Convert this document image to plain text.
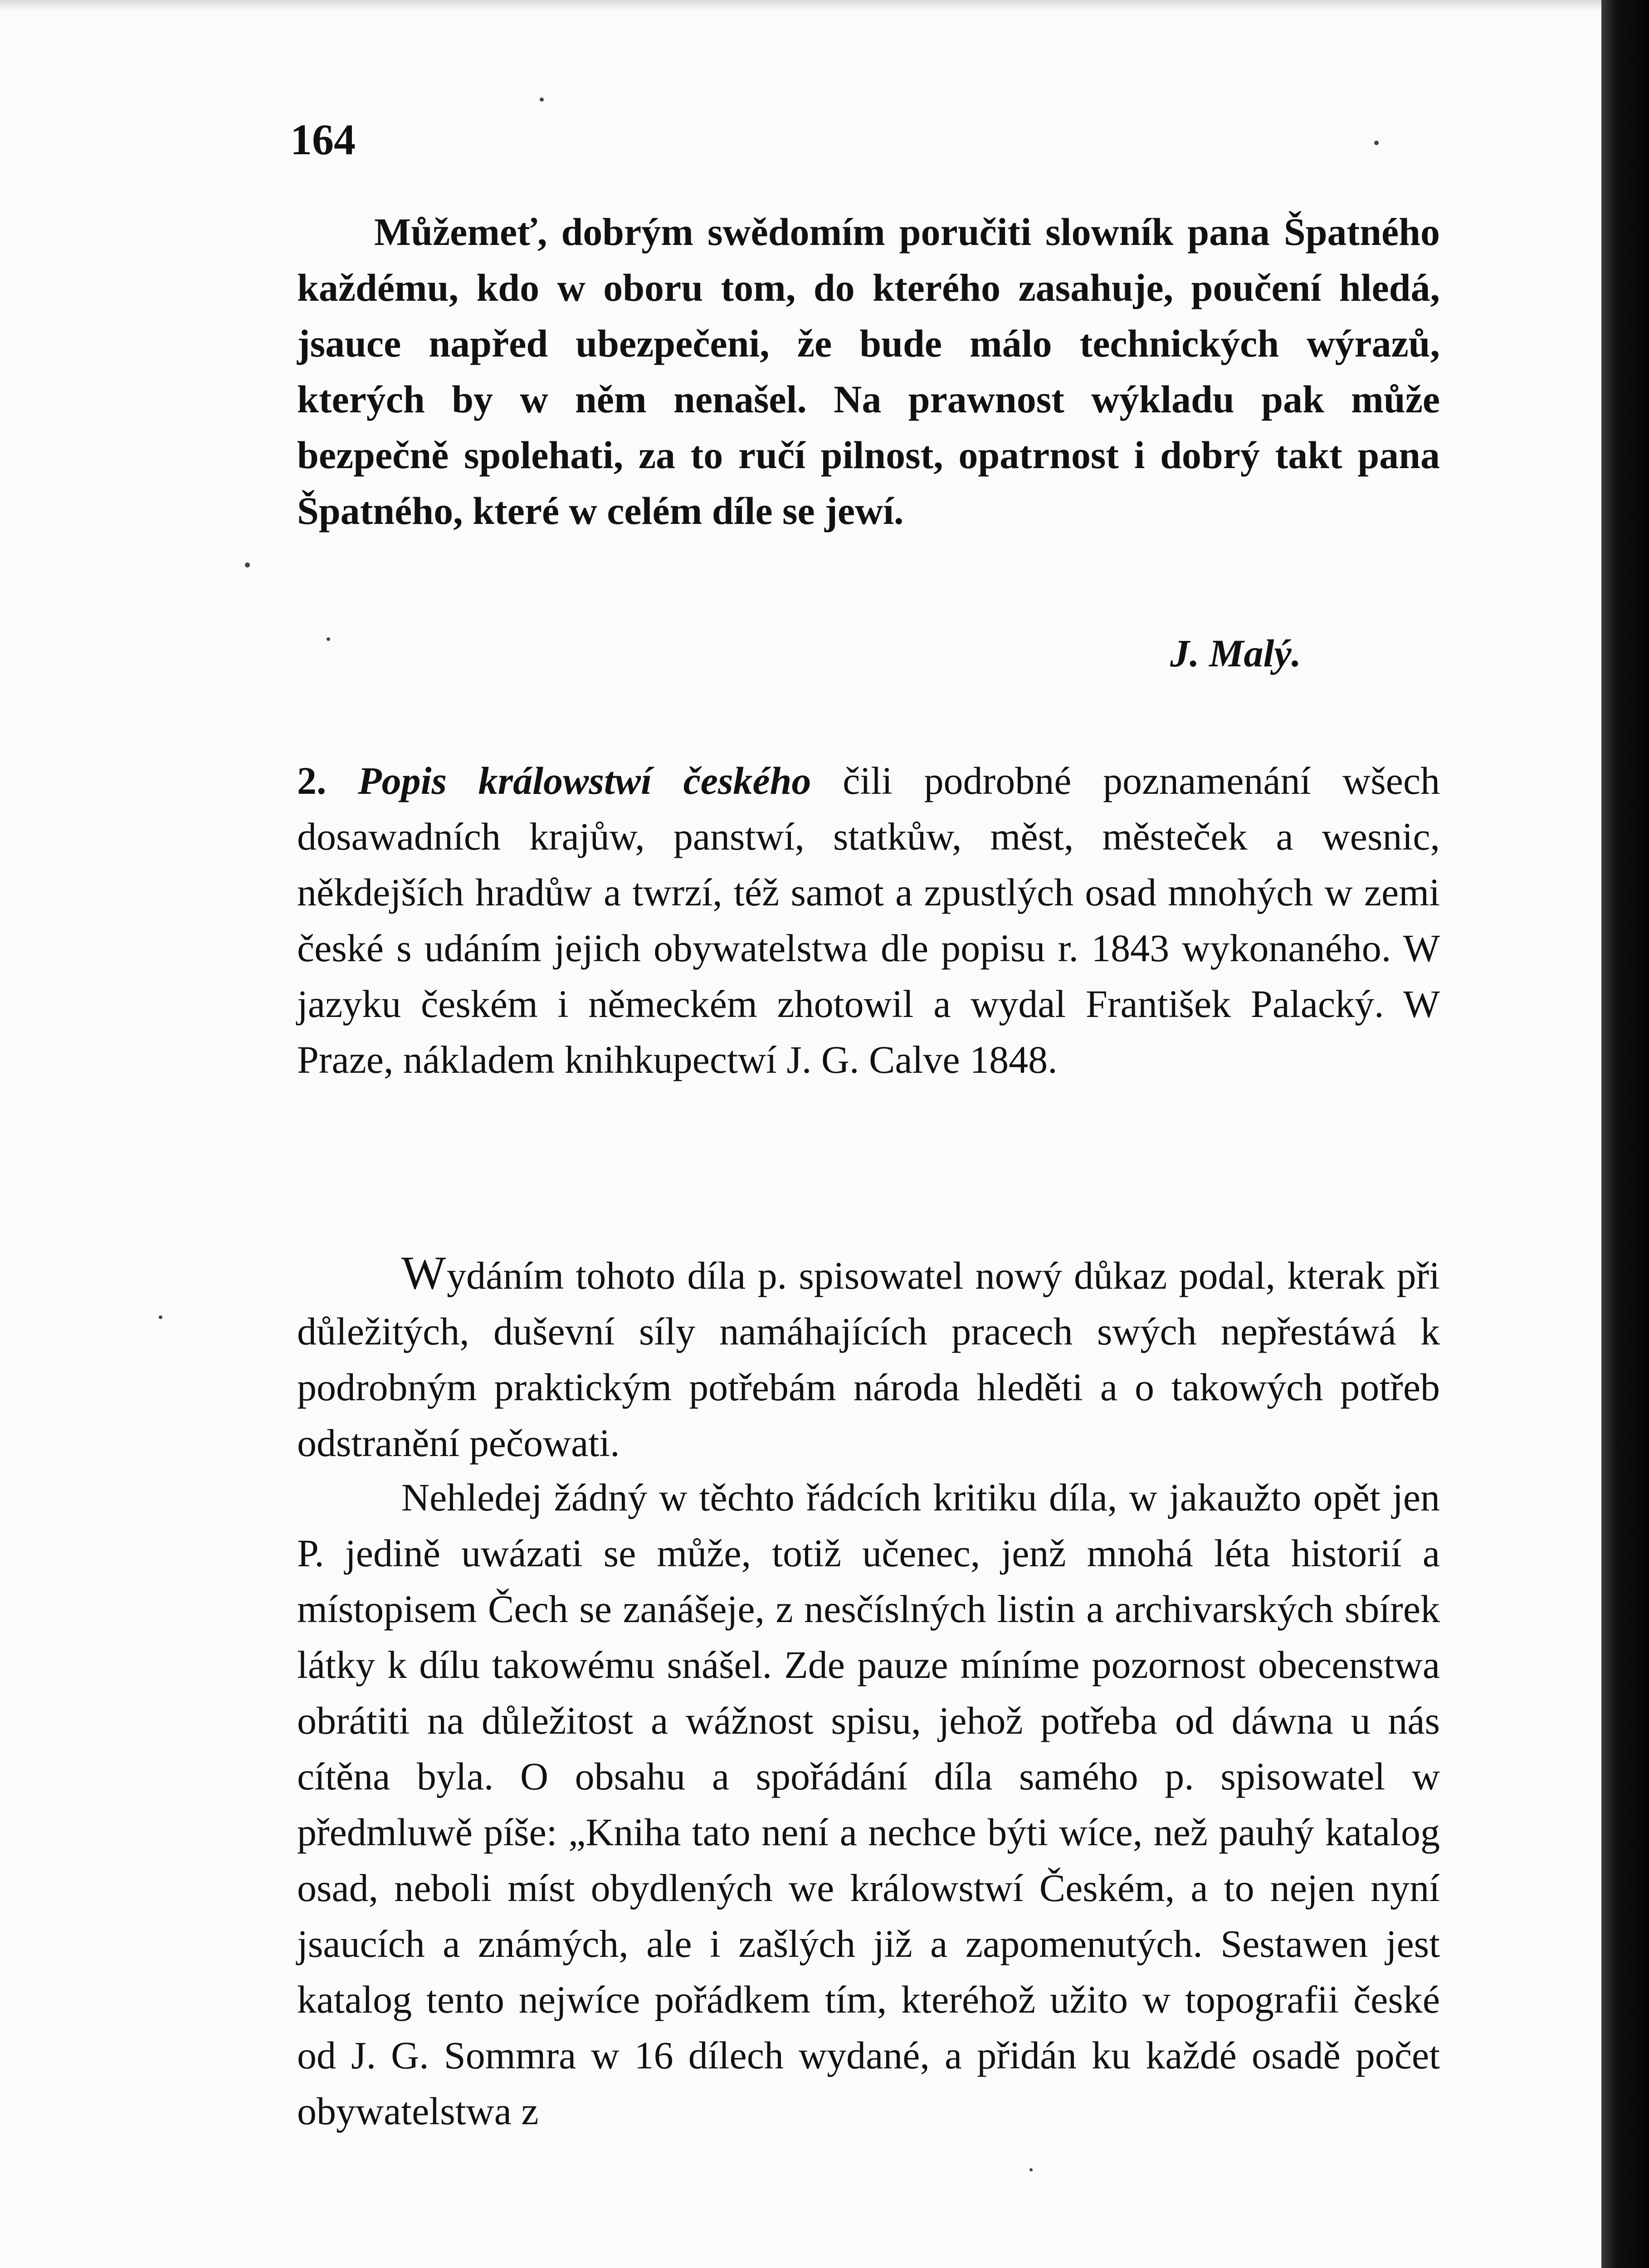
164

Můžemeť, dobrým swědomím poručiti slowník pana Špatného každému, kdo w oboru tom, do kterého zasahuje, poučení hledá, jsauce napřed ubezpečeni, že bude málo technických wýrazů, kterých by w něm nenašel. Na prawnost wýkladu pak může bezpečně spolehati, za to ručí pilnost, opatrnost i dobrý takt pana Špatného, které w celém díle se jewí.

J. Malý.
2. Popis králowstwí českého čili podrobné poznamenání wšech dosawadních krajůw, panstwí, statkůw, měst, městeček a wesnic, někdejších hradůw a twrzí, též samot a zpustlých osad mnohých w zemi české s udáním jejich obywatelstwa dle popisu r. 1843 wykonaného. W jazyku českém i německém zhotowil a wydal František Palacký. W Praze, nákladem knihkupectwí J. G. Calve 1848.

Wydáním tohoto díla p. spisowatel nowý důkaz podal, kterak při důležitých, duševní síly namáhajících pracech swých nepřestáwá k podrobným praktickým potřebám národa hleděti a o takowých potřeb odstranění pečowati.

Nehledej žádný w těchto řádcích kritiku díla, w jakaužto opět jen P. jedině uwázati se může, totiž učenec, jenž mnohá léta historií a místopisem Čech se zanášeje, z nesčíslných listin a archivarských sbírek látky k dílu takowému snášel. Zde pauze míníme pozornost obecenstwa obrátiti na důležitost a wážnost spisu, jehož potřeba od dáwna u nás cítěna byla. O obsahu a spořádání díla samého p. spisowatel w předmluwě píše: „Kniha tato není a nechce býti wíce, než pauhý katalog osad, neboli míst obydlených we králowstwí Českém, a to nejen nyní jsaucích a známých, ale i zašlých již a zapomenutých. Sestawen jest katalog tento nejwíce pořádkem tím, kteréhož užito w topografii české od J. G. Sommra w 16 dílech wydané, a přidán ku každé osadě počet obywatelstwa z
